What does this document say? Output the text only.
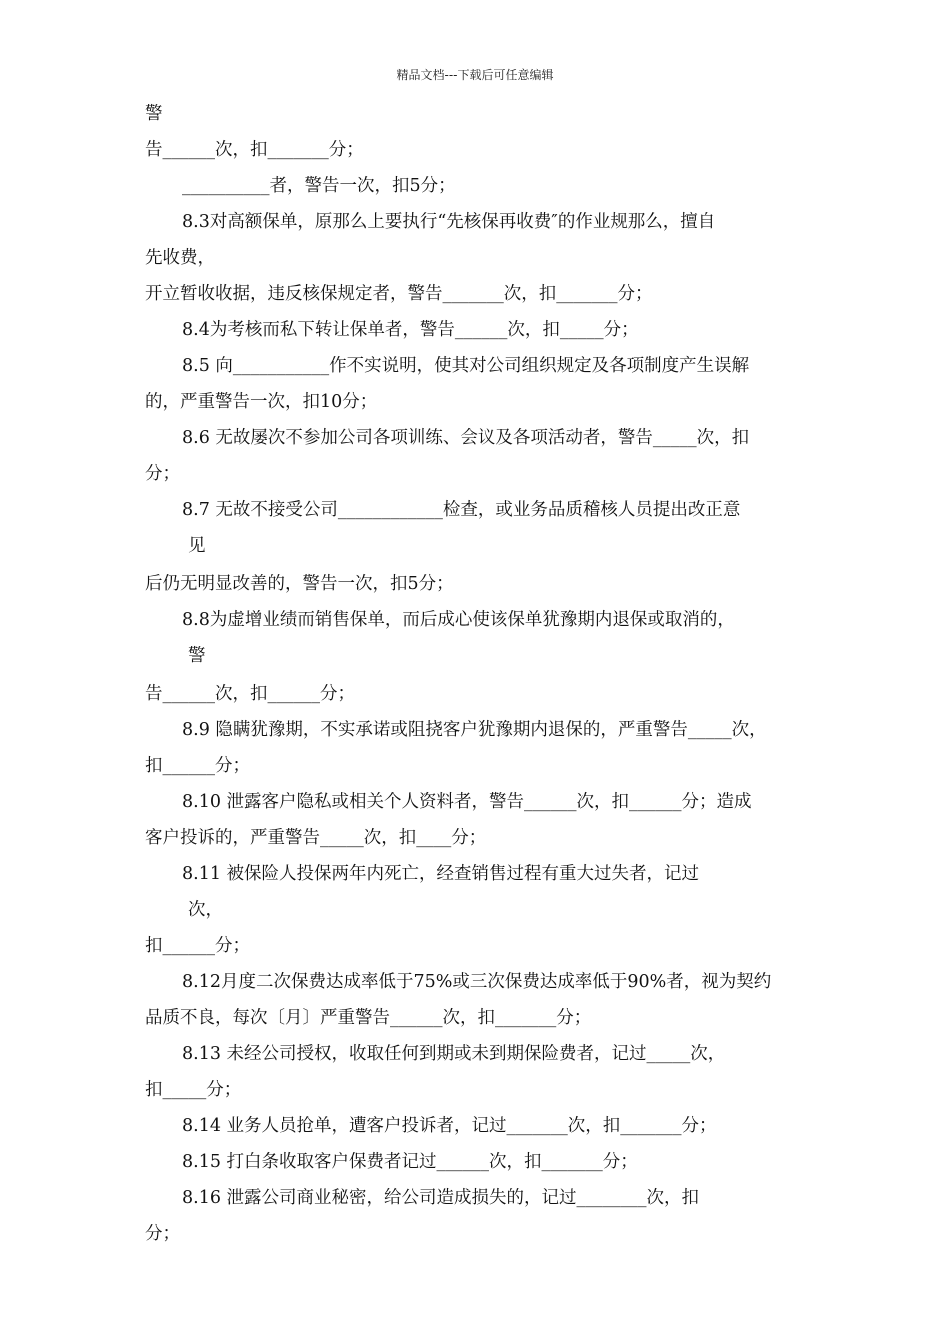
精品文档---下载后可任意编辑
警
告______次，扣_______分；
__________者，警告一次，扣5分；
8.3对高额保单，原那么上要执行“先核保再收费″的作业规那么，擅自
先收费，
开立暂收收据，违反核保规定者，警告_______次，扣_______分；
8.4为考核而私下转让保单者，警告______次，扣_____分；
8.5 向___________作不实说明，使其对公司组织规定及各项制度产生误解
的，严重警告一次，扣10分；
8.6 无故屡次不参加公司各项训练、会议及各项活动者，警告_____次，扣
分；
8.7 无故不接受公司____________检查，或业务品质稽核人员提出改正意
见
后仍无明显改善的，警告一次，扣5分；
8.8为虚增业绩而销售保单，而后成心使该保单犹豫期内退保或取消的，
警
告______次，扣______分；
8.9 隐瞒犹豫期，不实承诺或阻挠客户犹豫期内退保的，严重警告_____次，
扣______分；
8.10 泄露客户隐私或相关个人资料者，警告______次，扣______分；造成
客户投诉的，严重警告_____次，扣____分；
8.11 被保险人投保两年内死亡，经查销售过程有重大过失者，记过
次，
扣______分；
8.12月度二次保费达成率低于75%或三次保费达成率低于90%者，视为契约
品质不良，每次〔月〕严重警告______次，扣_______分；
8.13 未经公司授权，收取任何到期或未到期保险费者，记过_____次，
扣_____分；
8.14 业务人员抢单，遭客户投诉者，记过_______次，扣_______分；
8.15 打白条收取客户保费者记过______次，扣_______分；
8.16 泄露公司商业秘密，给公司造成损失的，记过________次，扣
分；
